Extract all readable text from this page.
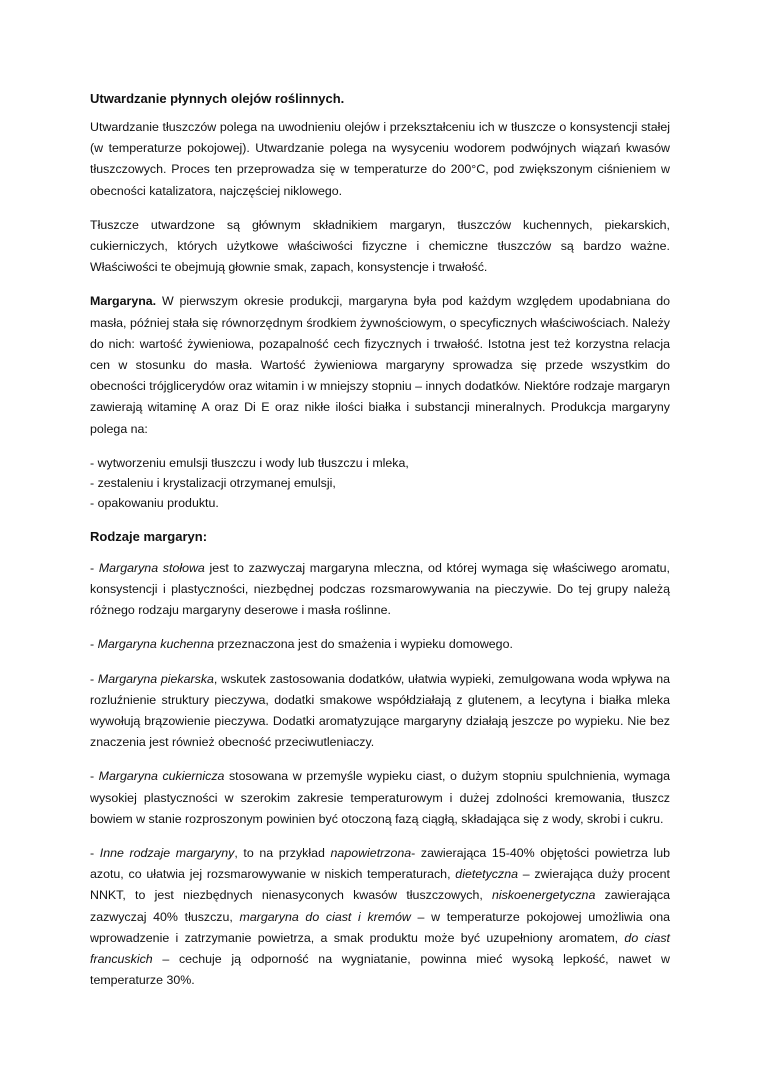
Utwardzanie płynnych olejów roślinnych.

Utwardzanie tłuszczów polega na uwodnieniu olejów i przekształceniu ich w tłuszcze o konsystencji stałej (w temperaturze pokojowej). Utwardzanie polega na wysyceniu wodorem podwójnych wiązań kwasów tłuszczowych. Proces ten przeprowadza się w temperaturze do 200°C, pod zwiększonym ciśnieniem w obecności katalizatora, najczęściej niklowego.

Tłuszcze utwardzone są głównym składnikiem margaryn, tłuszczów kuchennych, piekarskich, cukierniczych, których użytkowe właściwości fizyczne i chemiczne tłuszczów są bardzo ważne. Właściwości te obejmują głownie smak, zapach, konsystencje i trwałość.

Margaryna. W pierwszym okresie produkcji, margaryna była pod każdym względem upodabniana do masła, później stała się równorzędnym środkiem żywnościowym, o specyficznych właściwościach. Należy do nich: wartość żywieniowa, pozapalność cech fizycznych i trwałość. Istotna jest też korzystna relacja cen w stosunku do masła. Wartość żywieniowa margaryny sprowadza się przede wszystkim do obecności trójglicerydów oraz witamin i w mniejszy stopniu – innych dodatków. Niektóre rodzaje margaryn zawierają witaminę A oraz Di E oraz nikłe ilości białka i substancji mineralnych. Produkcja margaryny polega na:

- wytworzeniu emulsji tłuszczu i wody lub tłuszczu i mleka,
- zestaleniu i krystalizacji otrzymanej emulsji,
- opakowaniu produktu.
Rodzaje margaryn:

- Margaryna stołowa jest to zazwyczaj margaryna mleczna, od której wymaga się właściwego aromatu, konsystencji i plastyczności, niezbędnej podczas rozsmarowywania na pieczywie. Do tej grupy należą różnego rodzaju margaryny deserowe i masła roślinne.

- Margaryna kuchenna przeznaczona jest do smażenia i wypieku domowego.

- Margaryna piekarska, wskutek zastosowania dodatków, ułatwia wypieki, zemulgowana woda wpływa na rozluźnienie struktury pieczywa, dodatki smakowe współdziałają z glutenem, a lecytyna i białka mleka wywołują brązowienie pieczywa. Dodatki aromatyzujące margaryny działają jeszcze po wypieku. Nie bez znaczenia jest również obecność przeciwutleniaczy.

- Margaryna cukiernicza stosowana w przemyśle wypieku ciast, o dużym stopniu spulchnienia, wymaga wysokiej plastyczności w szerokim zakresie temperaturowym i dużej zdolności kremowania, tłuszcz bowiem w stanie rozproszonym powinien być otoczoną fazą ciągłą, składająca się z wody, skrobi i cukru.

- Inne rodzaje margaryny, to na przykład napowietrzona- zawierająca 15-40% objętości powietrza lub azotu, co ułatwia jej rozsmarowywanie w niskich temperaturach, dietetyczna – zwierająca duży procent NNKT, to jest niezbędnych nienasyconych kwasów tłuszczowych, niskoenergetyczna zawierająca zazwyczaj 40% tłuszczu, margaryna do ciast i kremów – w temperaturze pokojowej umożliwia ona wprowadzenie i zatrzymanie powietrza, a smak produktu może być uzupełniony aromatem, do ciast francuskich – cechuje ją odporność na wygniatanie, powinna mieć wysoką lepkość, nawet w temperaturze 30%.
